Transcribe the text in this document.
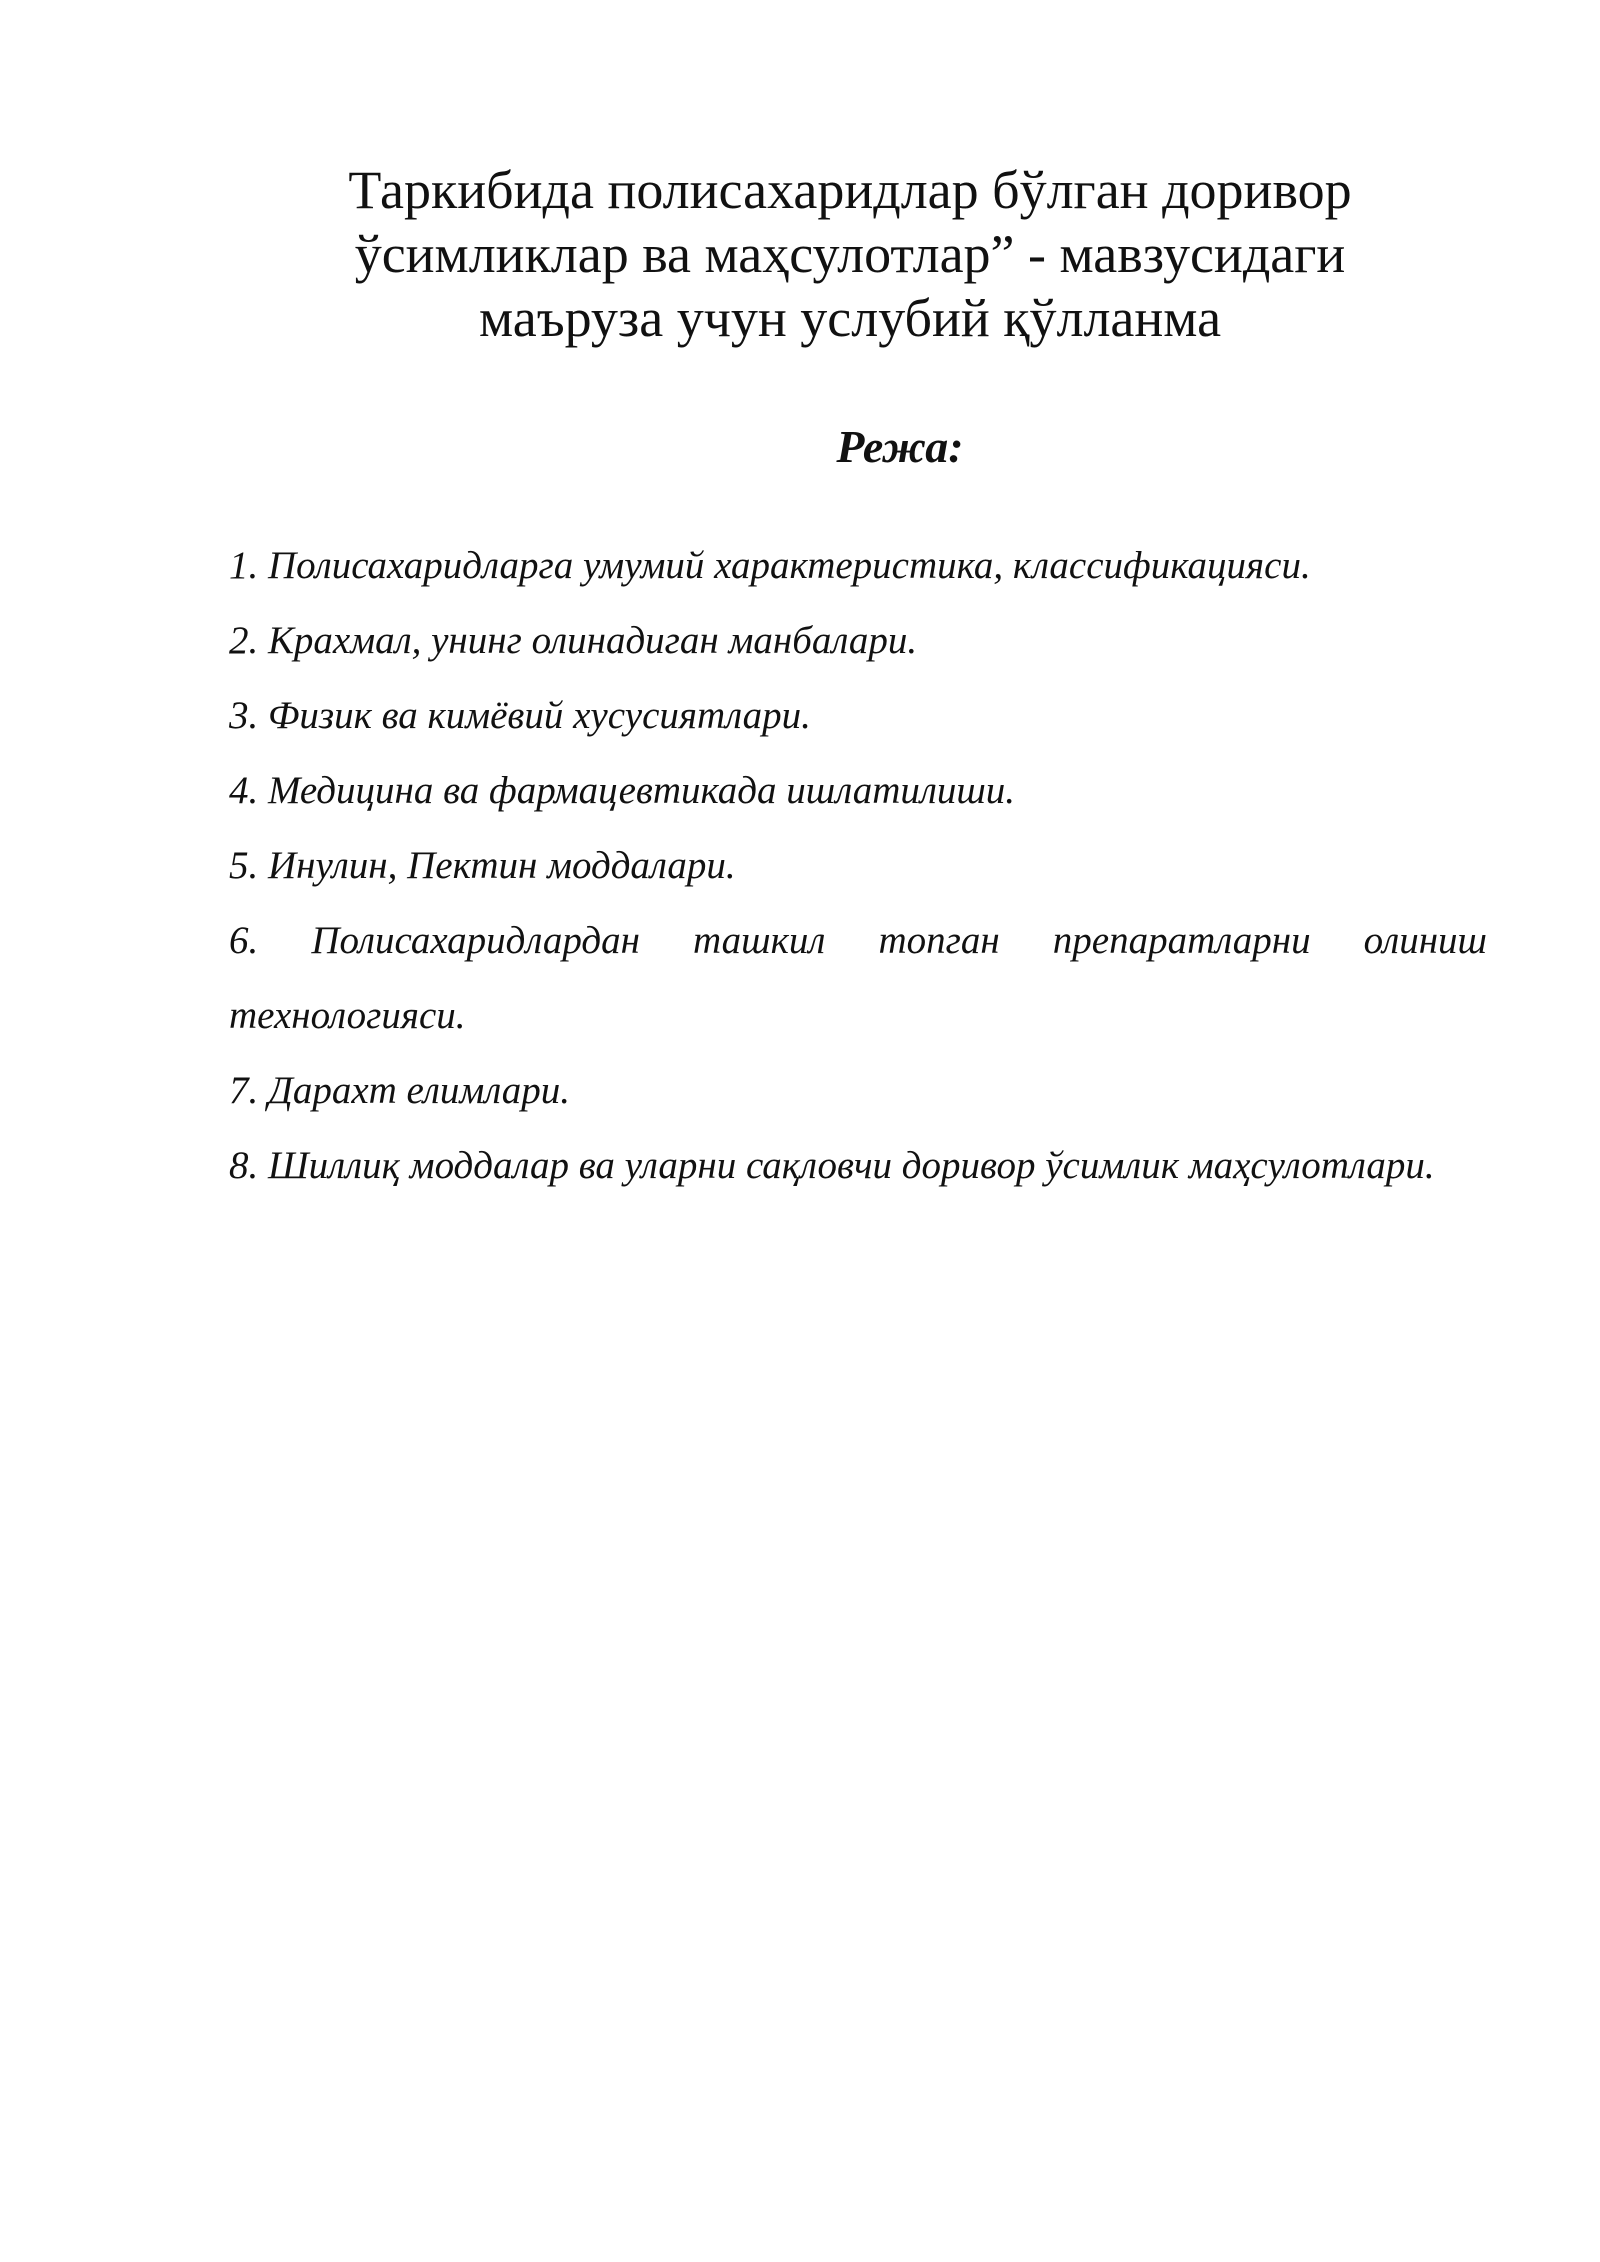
Таркибида полисахаридлар бўлган доривор
ўсимликлар ва маҳсулотлар” - мавзусидаги
маъруза учун услубий қўлланма
Режа:
1. Полисахаридларга умумий характеристика, классификацияси.
2. Крахмал, унинг олинадиган манбалари.
3. Физик ва кимёвий хусусиятлари.
4. Медицина ва фармацевтикада ишлатилиши.
5. Инулин, Пектин моддалари.
6. Полисахаридлардан ташкил топган препаратларни олиниш технологияси.
7. Дарахт елимлари.
8. Шиллиқ моддалар ва уларни сақловчи доривор ўсимлик маҳсулотлари.
